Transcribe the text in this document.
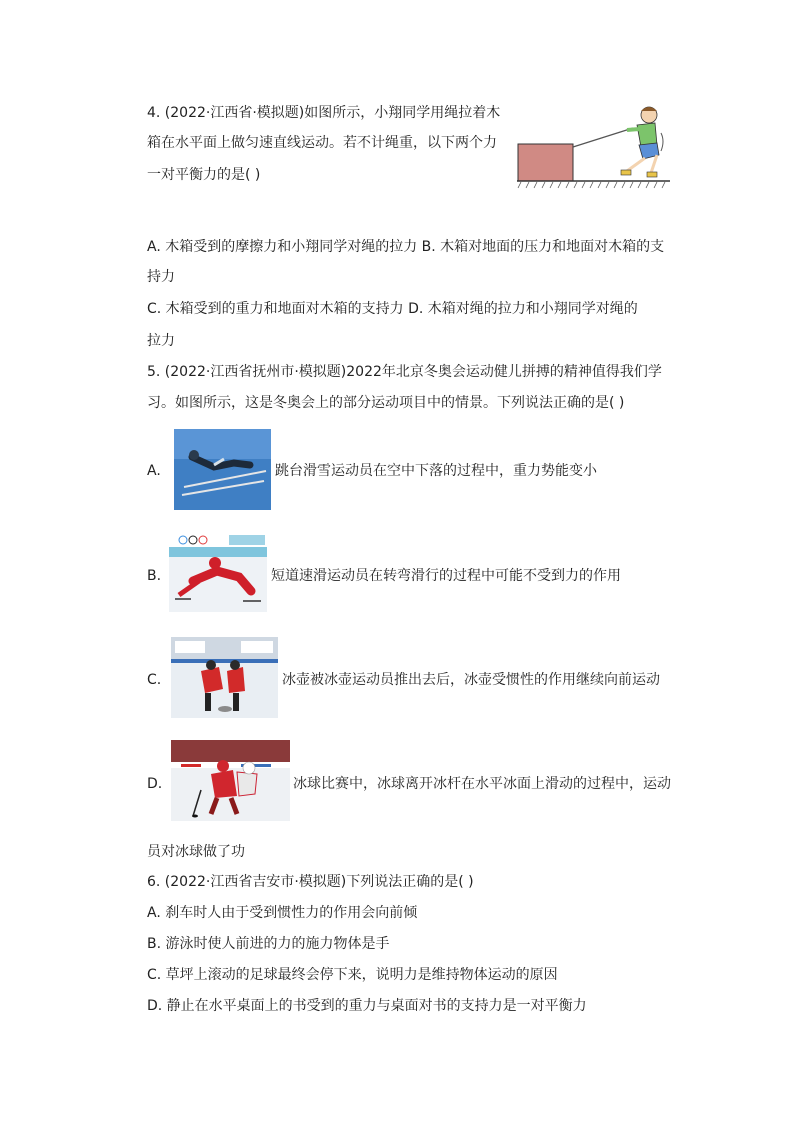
4. (2022·江西省·模拟题)如图所示，小翔同学用绳拉着木
箱在水平面上做匀速直线运动。若不计绳重，以下两个力
一对平衡力的是( )
A. 木箱受到的摩擦力和小翔同学对绳的拉力 B. 木箱对地面的压力和地面对木箱的支
持力
C. 木箱受到的重力和地面对木箱的支持力 D. 木箱对绳的拉力和小翔同学对绳的
拉力
5. (2022·江西省抚州市·模拟题)2022年北京冬奥会运动健儿拼搏的精神值得我们学
习。如图所示，这是冬奥会上的部分运动项目中的情景。下列说法正确的是( )
A.	跳台滑雪运动员在空中下落的过程中，重力势能变小
B.	短道速滑运动员在转弯滑行的过程中可能不受到力的作用
C.	冰壶被冰壶运动员推出去后，冰壶受惯性的作用继续向前运动
D.	冰球比赛中，冰球离开冰杆在水平冰面上滑动的过程中，运动
员对冰球做了功
6. (2022·江西省吉安市·模拟题)下列说法正确的是( )
A. 刹车时人由于受到惯性力的作用会向前倾
B. 游泳时使人前进的力的施力物体是手
C. 草坪上滚动的足球最终会停下来，说明力是维持物体运动的原因
D. 静止在水平桌面上的书受到的重力与桌面对书的支持力是一对平衡力
